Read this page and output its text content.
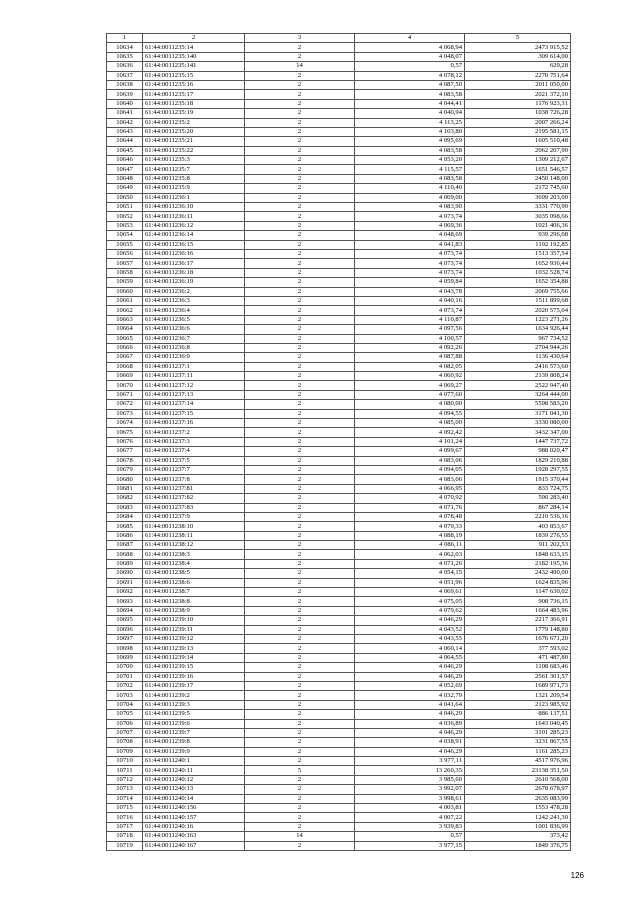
1	2	3	4	5
10634	61:44:0011235:14	2	4 068,94	2473 915,52
10635	61:44:0011235:140	2	4 048,07	309 614,00
10636	61:44:0011235:141	14	0,57	629,28
10637	61:44:0011235:15	2	4 078,12	2270 751,64
10638	61:44:0011235:16	2	4 087,50	2011 050,00
10639	61:44:0011235:17	2	4 083,58	2021 372,10
10640	61:44:0011235:18	2	4 044,41	1176 923,31
10641	61:44:0011235:19	2	4 040,94	1038 726,28
10642	61:44:0011235:2	2	4 113,25	2007 266,24
10643	61:44:0011235:20	2	4 103,80	2195 581,15
10644	61:44:0011235:21	2	4 095,69	1605 510,48
10645	61:44:0011235:22	2	4 083,58	2062 207,90
10646	61:44:0011235:3	2	4 053,20	1309 212,67
10647	61:44:0011235:7	2	4 115,57	1651 546,57
10648	61:44:0011235:8	2	4 083,58	2450 148,00
10649	61:44:0011235:9	2	4 110,40	2172 745,60
10650	61:44:0011236:1	2	4 069,00	3699 203,00
10651	61:44:0011236:10	2	4 083,90	3331 770,90
10652	61:44:0011236:11	2	4 073,74	3035 098,66
10653	61:44:0011236:12	2	4 069,36	1021 406,36
10654	61:44:0011236:14	2	4 048,69	939 296,08
10655	61:44:0011236:15	2	4 041,83	1192 192,85
10656	61:44:0011236:16	2	4 073,74	1513 357,54
10657	61:44:0011236:17	2	4 073,74	1652 936,44
10658	61:44:0011236:18	2	4 073,74	1032 528,74
10659	61:44:0011236:19	2	4 059,84	1652 354,88
10660	61:44:0011236:2	2	4 043,78	2069 755,66
10661	61:44:0011236:3	2	4 040,16	1511 899,68
10662	61:44:0011236:4	2	4 073,74	2020 575,04
10663	61:44:0011236:5	2	4 110,87	1223 271,26
10664	61:44:0011236:6	2	4 097,56	1634 926,44
10665	61:44:0011236:7	2	4 100,57	967 734,52
10666	61:44:0011236:8	2	4 092,26	2704 944,26
10667	61:44:0011236:9	2	4 087,88	1136 430,64
10668	61:44:0011237:1	2	4 082,05	2416 573,60
10669	61:44:0011237:11	2	4 060,92	2139 808,24
10670	61:44:0011237:12	2	4 069,27	2522 947,40
10671	61:44:0011237:13	2	4 077,60	3264 444,00
10672	61:44:0011237:14	2	4 080,00	5598 583,20
10673	61:44:0011237:15	2	4 094,55	3171 041,30
10674	61:44:0011237:16	2	4 085,00	3330 080,00
10675	61:44:0011237:2	2	4 092,42	3432 347,00
10676	61:44:0011237:3	2	4 101,24	1447 737,72
10677	61:44:0011237:4	2	4 099,67	988 020,47
10678	61:44:0011237:5	2	4 083,06	1829 210,88
10679	61:44:0011237:7	2	4 094,05	1928 297,55
10680	61:44:0011237:8	2	4 083,06	1915 370,44
10681	61:44:0011237:81	2	4 066,95	833 724,75
10682	61:44:0011237:82	2	4 070,92	590 283,40
10683	61:44:0011237:83	2	4 071,76	867 284,14
10684	61:44:0011237:9	2	4 078,48	2210 536,16
10685	61:44:0011238:10	2	4 079,33	403 853,67
10686	61:44:0011238:11	2	4 088,19	1839 276,55
10687	61:44:0011238:12	2	4 086,11	911 202,53
10688	61:44:0011238:3	2	4 062,03	1848 633,15
10689	61:44:0011238:4	2	4 071,26	2182 195,36
10690	61:44:0011238:5	2	4 054,15	2432 490,00
10691	61:44:0011238:6	2	4 051,96	1624 835,96
10692	61:44:0011238:7	2	4 069,61	1147 630,02
10693	61:44:0011238:8	2	4 075,05	908 736,15
10694	61:44:0011238:9	2	4 079,62	1664 483,96
10695	61:44:0011239:10	2	4 046,29	2217 366,91
10696	61:44:0011239:11	2	4 043,52	1779 148,80
10697	61:44:0011239:12	2	4 043,55	1676 671,20
10698	61:44:0011239:13	2	4 060,14	377 593,02
10699	61:44:0011239:14	2	4 064,55	471 487,80
10700	61:44:0011239:15	2	4 046,29	1108 683,46
10701	61:44:0011239:16	2	4 046,29	2561 301,57
10702	61:44:0011239:17	2	4 052,69	1689 971,73
10703	61:44:0011239:2	2	4 032,79	1321 209,54
10704	61:44:0011239:3	2	4 041,64	2123 985,92
10705	61:44:0011239:5	2	4 046,29	886 137,51
10706	61:44:0011239:6	2	4 036,89	1643 040,45
10707	61:44:0011239:7	2	4 046,29	3101 285,23
10708	61:44:0011239:8	2	4 038,91	3231 867,55
10709	61:44:0011239:9	2	4 046,29	1161 285,23
10710	61:44:0011240:1	2	3 977,11	4517 976,96
10711	61:44:0011240:11	5	13 260,35	23138 351,50
10712	61:44:0011240:12	2	3 985,60	2610 568,00
10713	61:44:0011240:13	2	3 992,07	2678 678,97
10714	61:44:0011240:14	2	3 998,61	2635 083,99
10715	61:44:0011240:156	2	4 003,81	1553 478,28
10716	61:44:0011240:157	2	4 007,22	1242 241,30
10717	61:44:0011240:16	2	3 939,83	1001 836,99
10718	61:44:0011240:163	14	0,57	373,42
10719	61:44:0011240:167	2	3 977,15	1849 376,75
126
